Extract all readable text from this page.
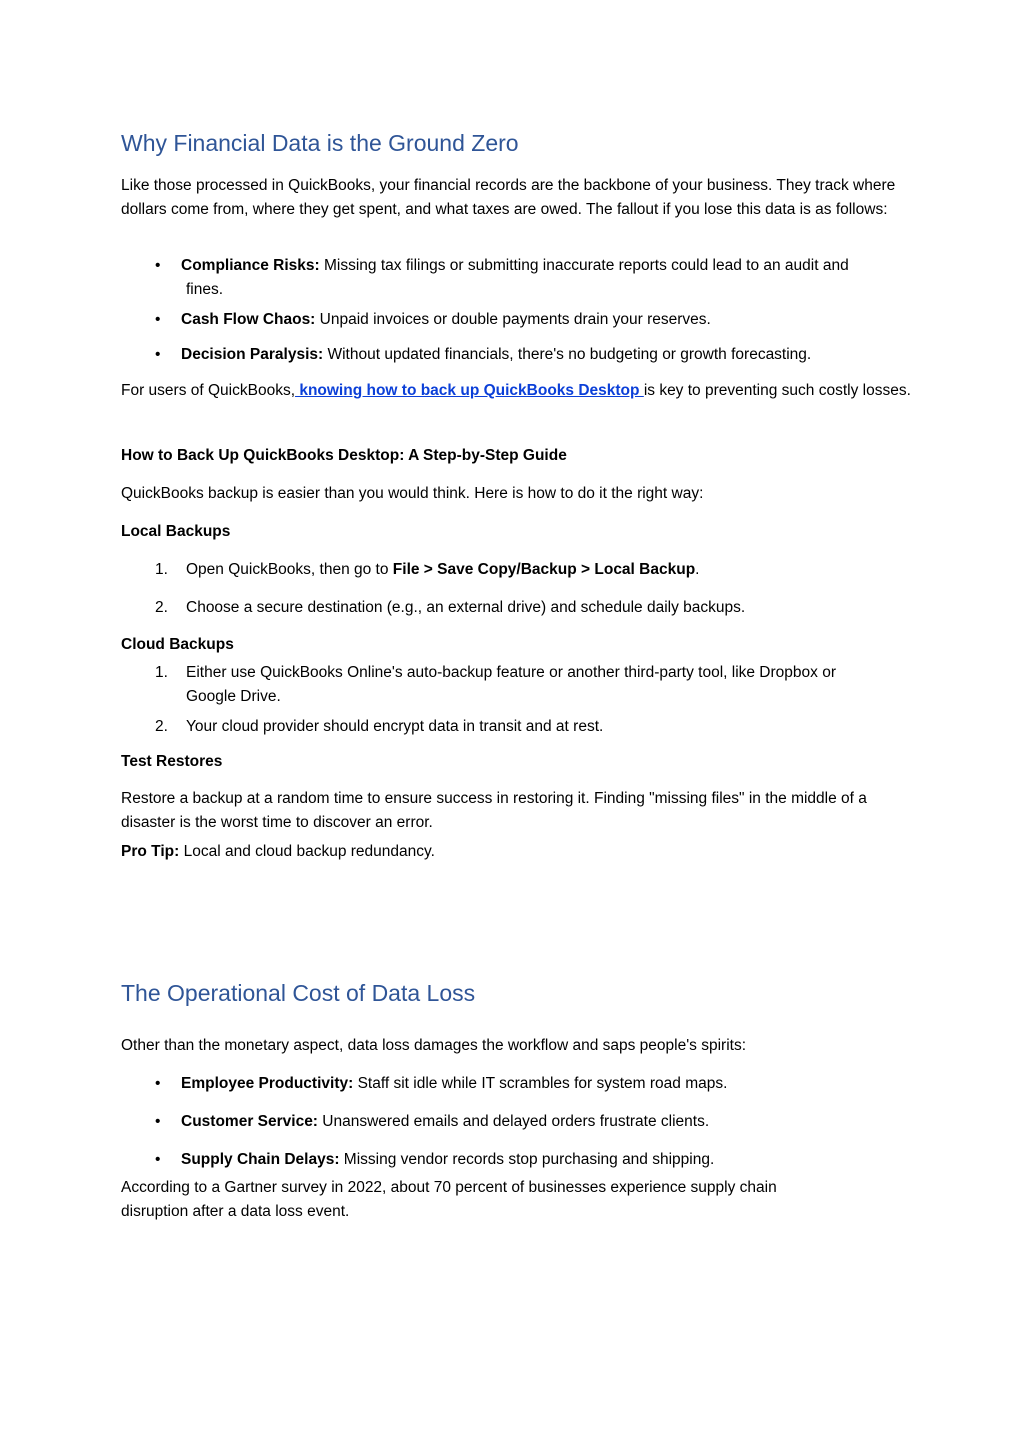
Why Financial Data is the Ground Zero

Like those processed in QuickBooks, your financial records are the backbone of your business. They track where dollars come from, where they get spent, and what taxes are owed. The fallout if you lose this data is as follows:

•	Compliance Risks: Missing tax filings or submitting inaccurate reports could lead to an audit and
fines.
•	Cash Flow Chaos: Unpaid invoices or double payments drain your reserves.
•	Decision Paralysis: Without updated financials, there's no budgeting or growth forecasting.

For users of QuickBooks, knowing how to back up QuickBooks Desktop is key to preventing such costly losses.

How to Back Up QuickBooks Desktop: A Step-by-Step Guide

QuickBooks backup is easier than you would think. Here is how to do it the right way:

Local Backups
1.	Open QuickBooks, then go to File > Save Copy/Backup > Local Backup.
2.	Choose a secure destination (e.g., an external drive) and schedule daily backups.
Cloud Backups
1.	Either use QuickBooks Online's auto-backup feature or another third-party tool, like Dropbox or
Google Drive.
2.	Your cloud provider should encrypt data in transit and at rest.
Test Restores

Restore a backup at a random time to ensure success in restoring it. Finding "missing files" in the middle of a disaster is the worst time to discover an error.

Pro Tip: Local and cloud backup redundancy.

The Operational Cost of Data Loss

Other than the monetary aspect, data loss damages the workflow and saps people's spirits:

•	Employee Productivity: Staff sit idle while IT scrambles for system road maps.
•	Customer Service: Unanswered emails and delayed orders frustrate clients.
•	Supply Chain Delays: Missing vendor records stop purchasing and shipping.

According to a Gartner survey in 2022, about 70 percent of businesses experience supply chain disruption after a data loss event.
